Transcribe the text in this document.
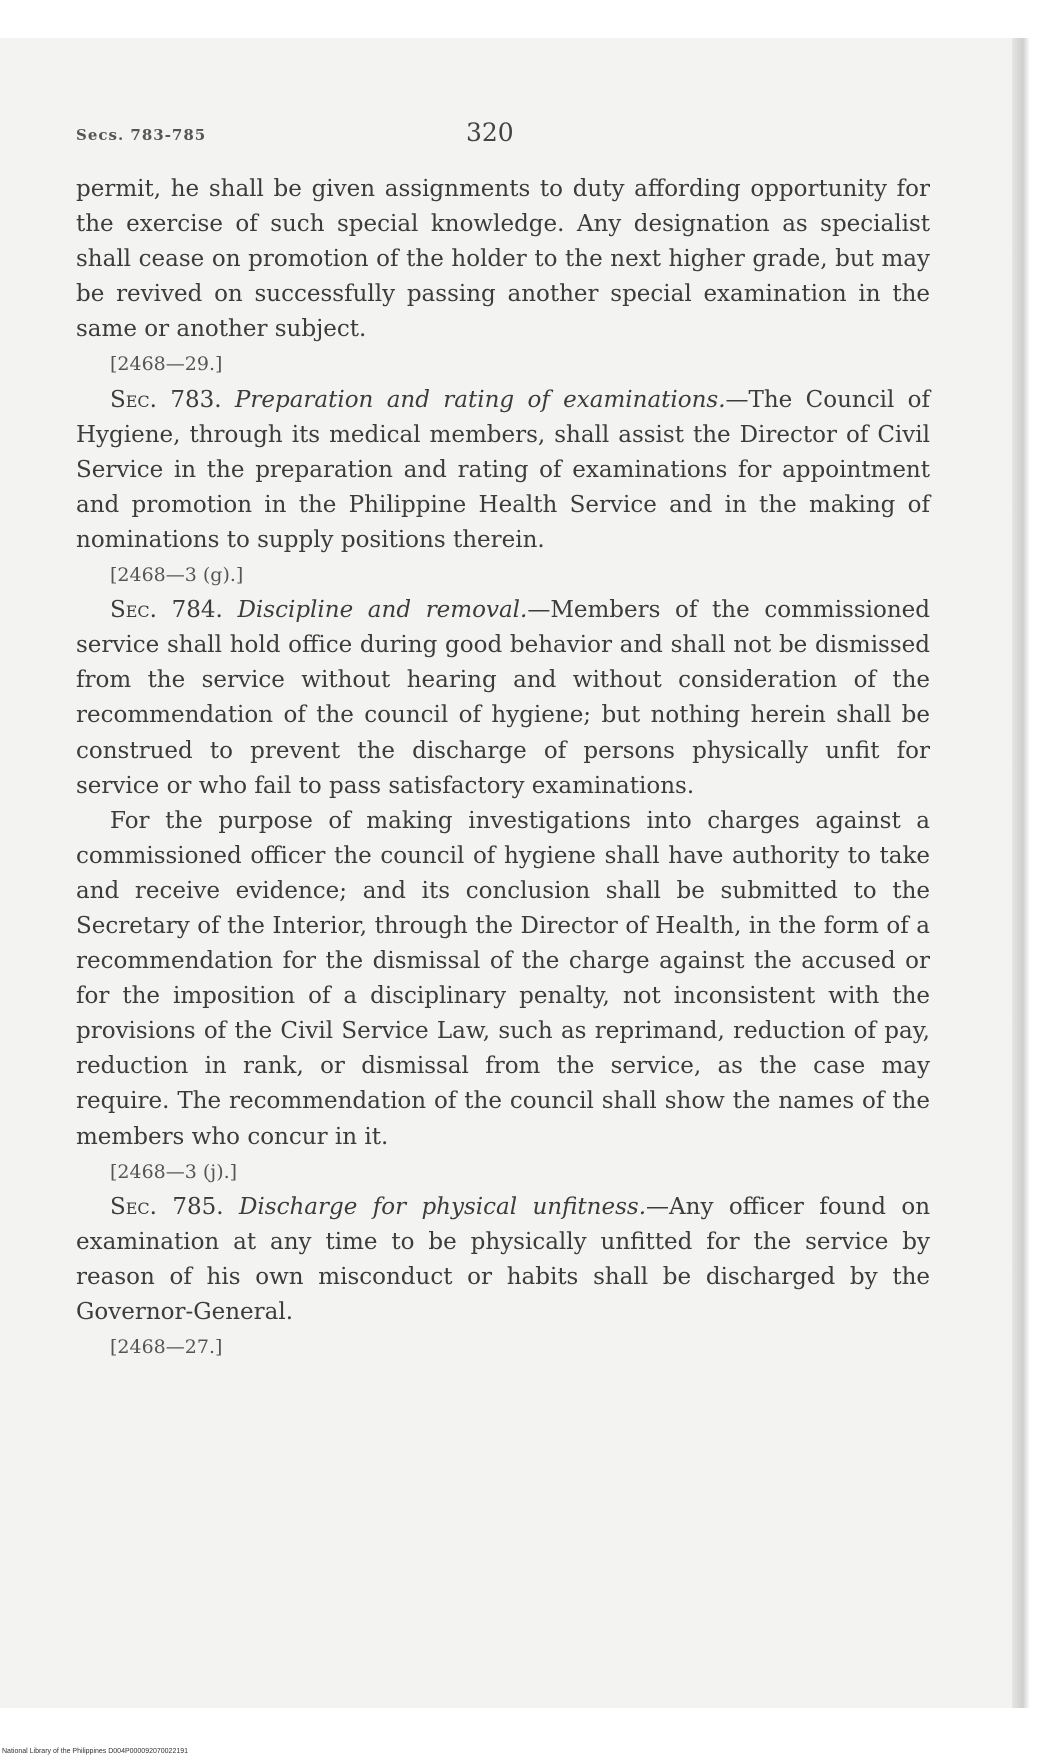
Secs. 783-785	320

permit, he shall be given assignments to duty affording opportunity for the exercise of such special knowledge. Any designation as specialist shall cease on promotion of the holder to the next higher grade, but may be revived on successfully passing another special examination in the same or another subject.

[2468—29.]

Sec. 783. Preparation and rating of examinations.—The Council of Hygiene, through its medical members, shall assist the Director of Civil Service in the preparation and rating of examinations for appointment and promotion in the Philippine Health Service and in the making of nominations to supply positions therein.

[2468—3 (g).]

Sec. 784. Discipline and removal.—Members of the commissioned service shall hold office during good behavior and shall not be dismissed from the service without hearing and without consideration of the recommendation of the council of hygiene; but nothing herein shall be construed to prevent the discharge of persons physically unfit for service or who fail to pass satisfactory examinations.

For the purpose of making investigations into charges against a commissioned officer the council of hygiene shall have authority to take and receive evidence; and its conclusion shall be submitted to the Secretary of the Interior, through the Director of Health, in the form of a recommendation for the dismissal of the charge against the accused or for the imposition of a disciplinary penalty, not inconsistent with the provisions of the Civil Service Law, such as reprimand, reduction of pay, reduction in rank, or dismissal from the service, as the case may require. The recommendation of the council shall show the names of the members who concur in it.

[2468—3 (j).]

Sec. 785. Discharge for physical unfitness.—Any officer found on examination at any time to be physically unfitted for the service by reason of his own misconduct or habits shall be discharged by the Governor-General.

[2468—27.]

National Library of the Philippines D004P000092070022191
